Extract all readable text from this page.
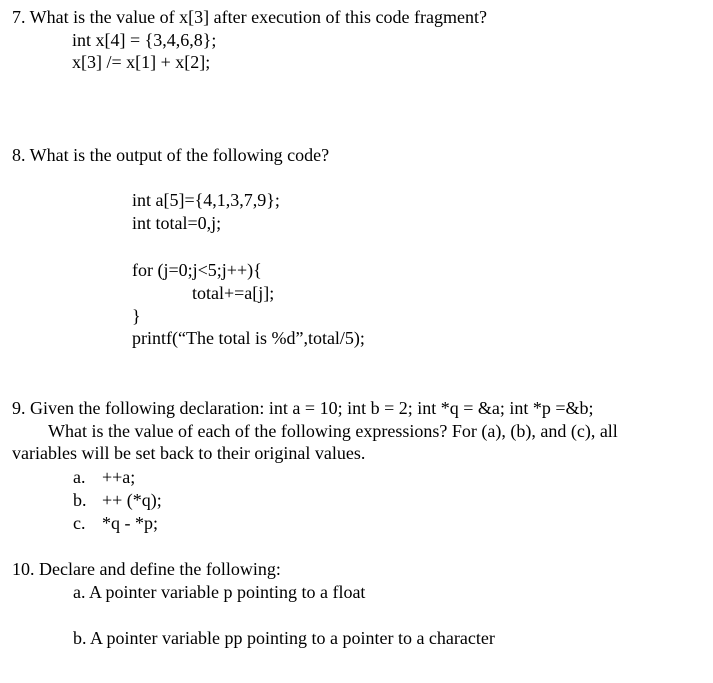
7. What is the value of x[3] after execution of this code fragment?
int x[4] = {3,4,6,8};
x[3] /= x[1] + x[2];
8. What is the output of the following code?
int a[5]={4,1,3,7,9};
int total=0,j;
for (j=0;j<5;j++){
total+=a[j];
}
printf(“The total is %d”,total/5);
9. Given the following declaration: int a = 10; int b = 2; int *q = &a; int *p =&b;
What is the value of each of the following expressions? For (a), (b), and (c), all
variables will be set back to their original values.
a. ++a;
b. ++ (*q);
c. *q - *p;
10. Declare and define the following:
a. A pointer variable p pointing to a float
b. A pointer variable pp pointing to a pointer to a character
